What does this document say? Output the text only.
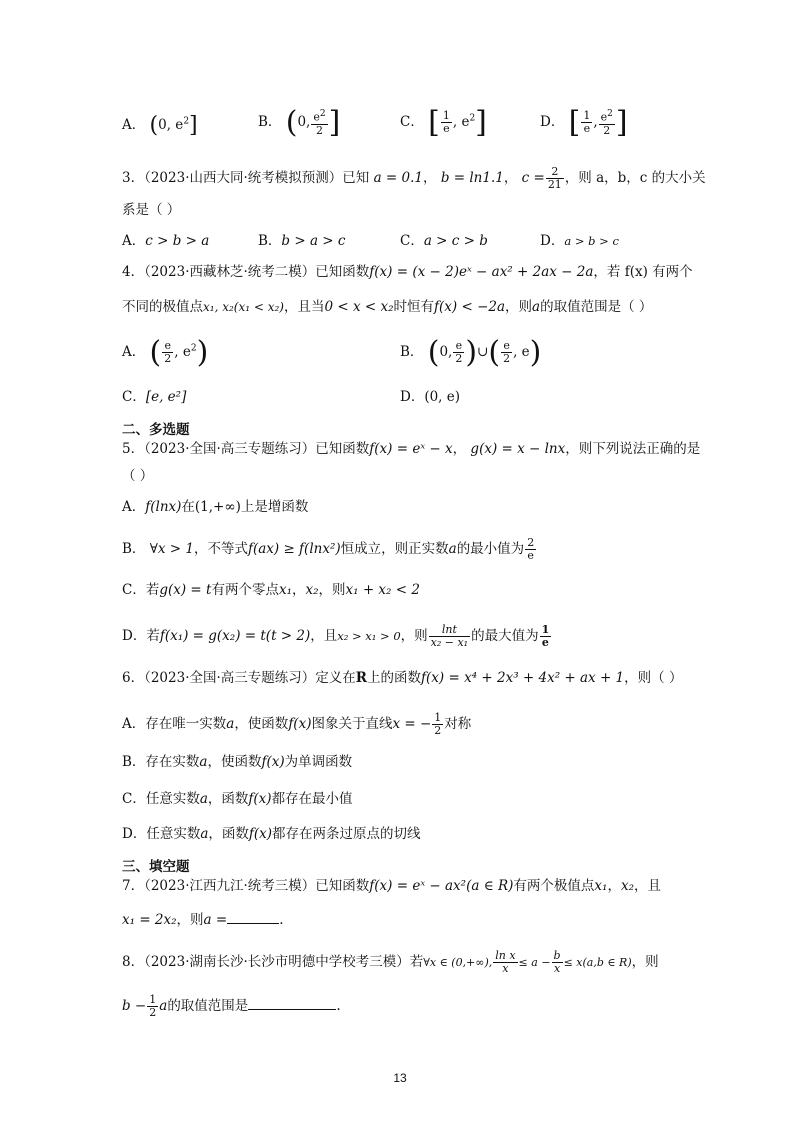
A． (0, $e^2$]	B． (0, $\frac{e^2}{2}$ ]	C． [ $\frac{1}{e}$ , $e^2$]	D． [ $\frac{1}{e}$ , $\frac{e^2}{2}$ ]
3．（2023·山西大同·统考模拟预测）已知 a = 0.1， b = ln1.1， $c = \frac{2}{21}$ ，则 a，b，c 的大小关
系是（ ）
A．c > b > a	B．b > a > c	C．a > c > b	D．a > b > c
4．（2023·西藏林芝·统考二模）已知函数f(x) = (x − 2)eˣ − ax² + 2ax − 2a，若 f(x) 有两个
不同的极值点x₁, x₂(x₁ < x₂)，且当0 < x < x₂时恒有f(x) < −2a，则a的取值范围是（ ）
A． ( $\frac{e}{2}$ , $e^2$)	B． (0, $\frac{e}{2}$ )∪( $\frac{e}{2}$ , e)
C．[e, e²]	D．(0, e)
二、多选题
5．（2023·全国·高三专题练习）已知函数f(x) = eˣ − x， g(x) = x − lnx，则下列说法正确的是
（ ）
A．f(lnx)在(1,+∞)上是增函数
B． ∀x > 1，不等式f(ax) ≥ f(lnx²)恒成立，则正实数a的最小值为 $\frac{2}{e}$
C．若g(x) = t有两个零点x₁，x₂，则x₁ + x₂ < 2
D．若f(x₁) = g(x₂) = t(t > 2)，且x₂ > x₁ > 0，则 $\frac{\ln t}{\text{x₂ − x₁}}$ 的最大值为 $\frac{1}{e}$
6．（2023·全国·高三专题练习）定义在R上的函数f(x) = x⁴ + 2x³ + 4x² + ax + 1，则（ ）
A．存在唯一实数a，使函数f(x)图象关于直线x = − $\frac{1}{2}$ 对称
B．存在实数a，使函数f(x)为单调函数
C．任意实数a，函数f(x)都存在最小值
D．任意实数a，函数f(x)都存在两条过原点的切线
三、填空题
7．（2023·江西九江·统考三模）已知函数f(x) = eˣ − ax²(a ∈ R)有两个极值点x₁，x₂，且
x₁ = 2x₂，则a =	.
8．（2023·湖南长沙·长沙市明德中学校考三模）若∀x ∈ (0,+∞), $\frac{\text{ln x}}{x} \le a - \frac{b}{x} \le x(a,b$ ∈ R)，则
$b - \frac{1}{2}$ a的取值范围是	.
13
